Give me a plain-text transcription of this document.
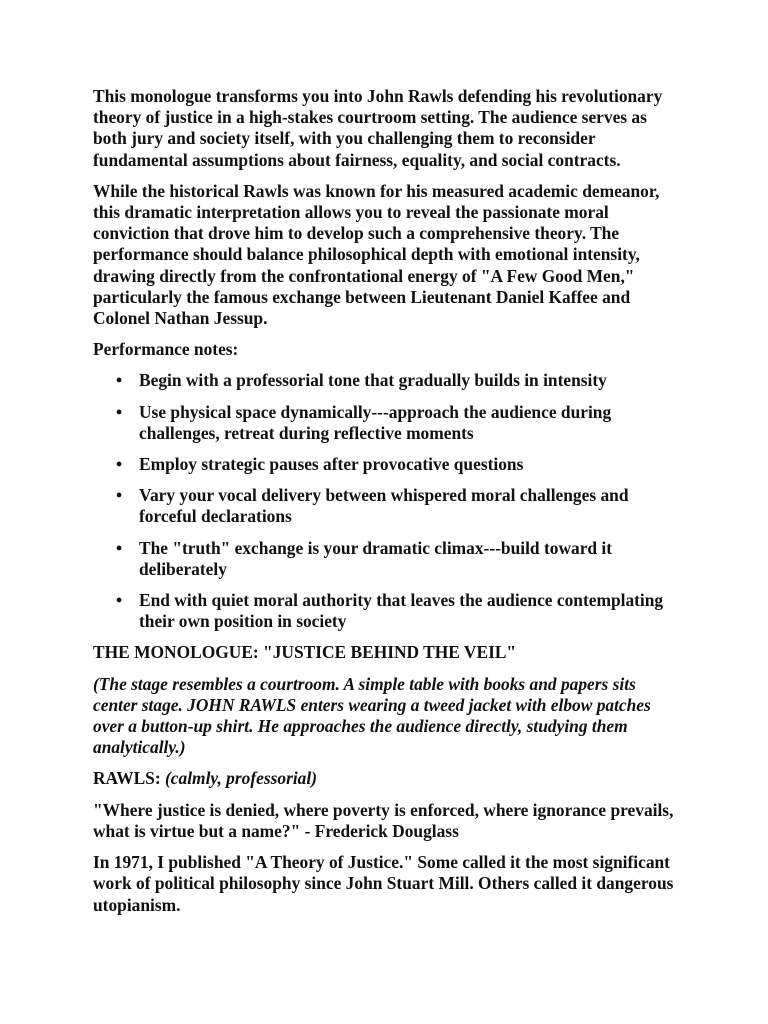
This monologue transforms you into John Rawls defending his revolutionary theory of justice in a high-stakes courtroom setting. The audience serves as both jury and society itself, with you challenging them to reconsider fundamental assumptions about fairness, equality, and social contracts.

While the historical Rawls was known for his measured academic demeanor, this dramatic interpretation allows you to reveal the passionate moral conviction that drove him to develop such a comprehensive theory. The performance should balance philosophical depth with emotional intensity, drawing directly from the confrontational energy of "A Few Good Men," particularly the famous exchange between Lieutenant Daniel Kaffee and Colonel Nathan Jessup.

Performance notes:

• Begin with a professorial tone that gradually builds in intensity
• Use physical space dynamically---approach the audience during challenges, retreat during reflective moments
• Employ strategic pauses after provocative questions
• Vary your vocal delivery between whispered moral challenges and forceful declarations
• The "truth" exchange is your dramatic climax---build toward it deliberately
• End with quiet moral authority that leaves the audience contemplating their own position in society

THE MONOLOGUE: "JUSTICE BEHIND THE VEIL"

(The stage resembles a courtroom. A simple table with books and papers sits center stage. JOHN RAWLS enters wearing a tweed jacket with elbow patches over a button-up shirt. He approaches the audience directly, studying them analytically.)

RAWLS: (calmly, professorial)

"Where justice is denied, where poverty is enforced, where ignorance prevails, what is virtue but a name?" - Frederick Douglass

In 1971, I published "A Theory of Justice." Some called it the most significant work of political philosophy since John Stuart Mill. Others called it dangerous utopianism.
